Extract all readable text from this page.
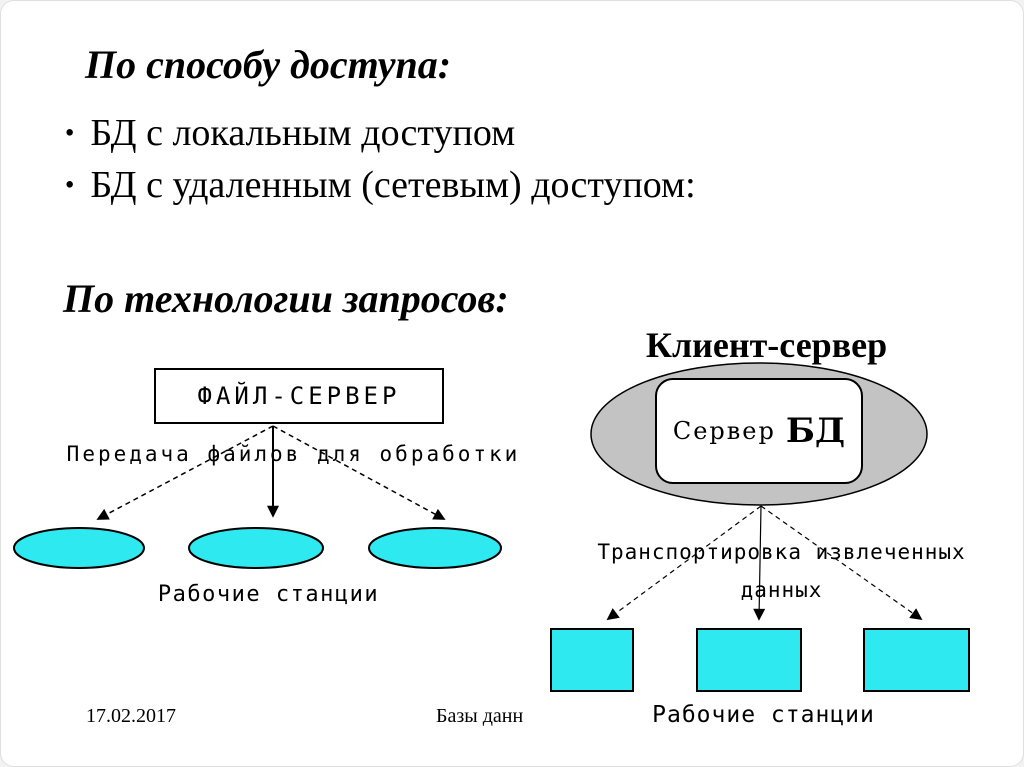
По способу доступа:
• БД с локальным доступом
• БД с удаленным (сетевым) доступом:
По технологии запросов:
ФАЙЛ-СЕРВЕР
Передача файлов для обработки
Рабочие станции
Клиент-сервер
Сервер БД
Транспортировка извлеченных
данных
Рабочие станции
17.02.2017	Базы данн
